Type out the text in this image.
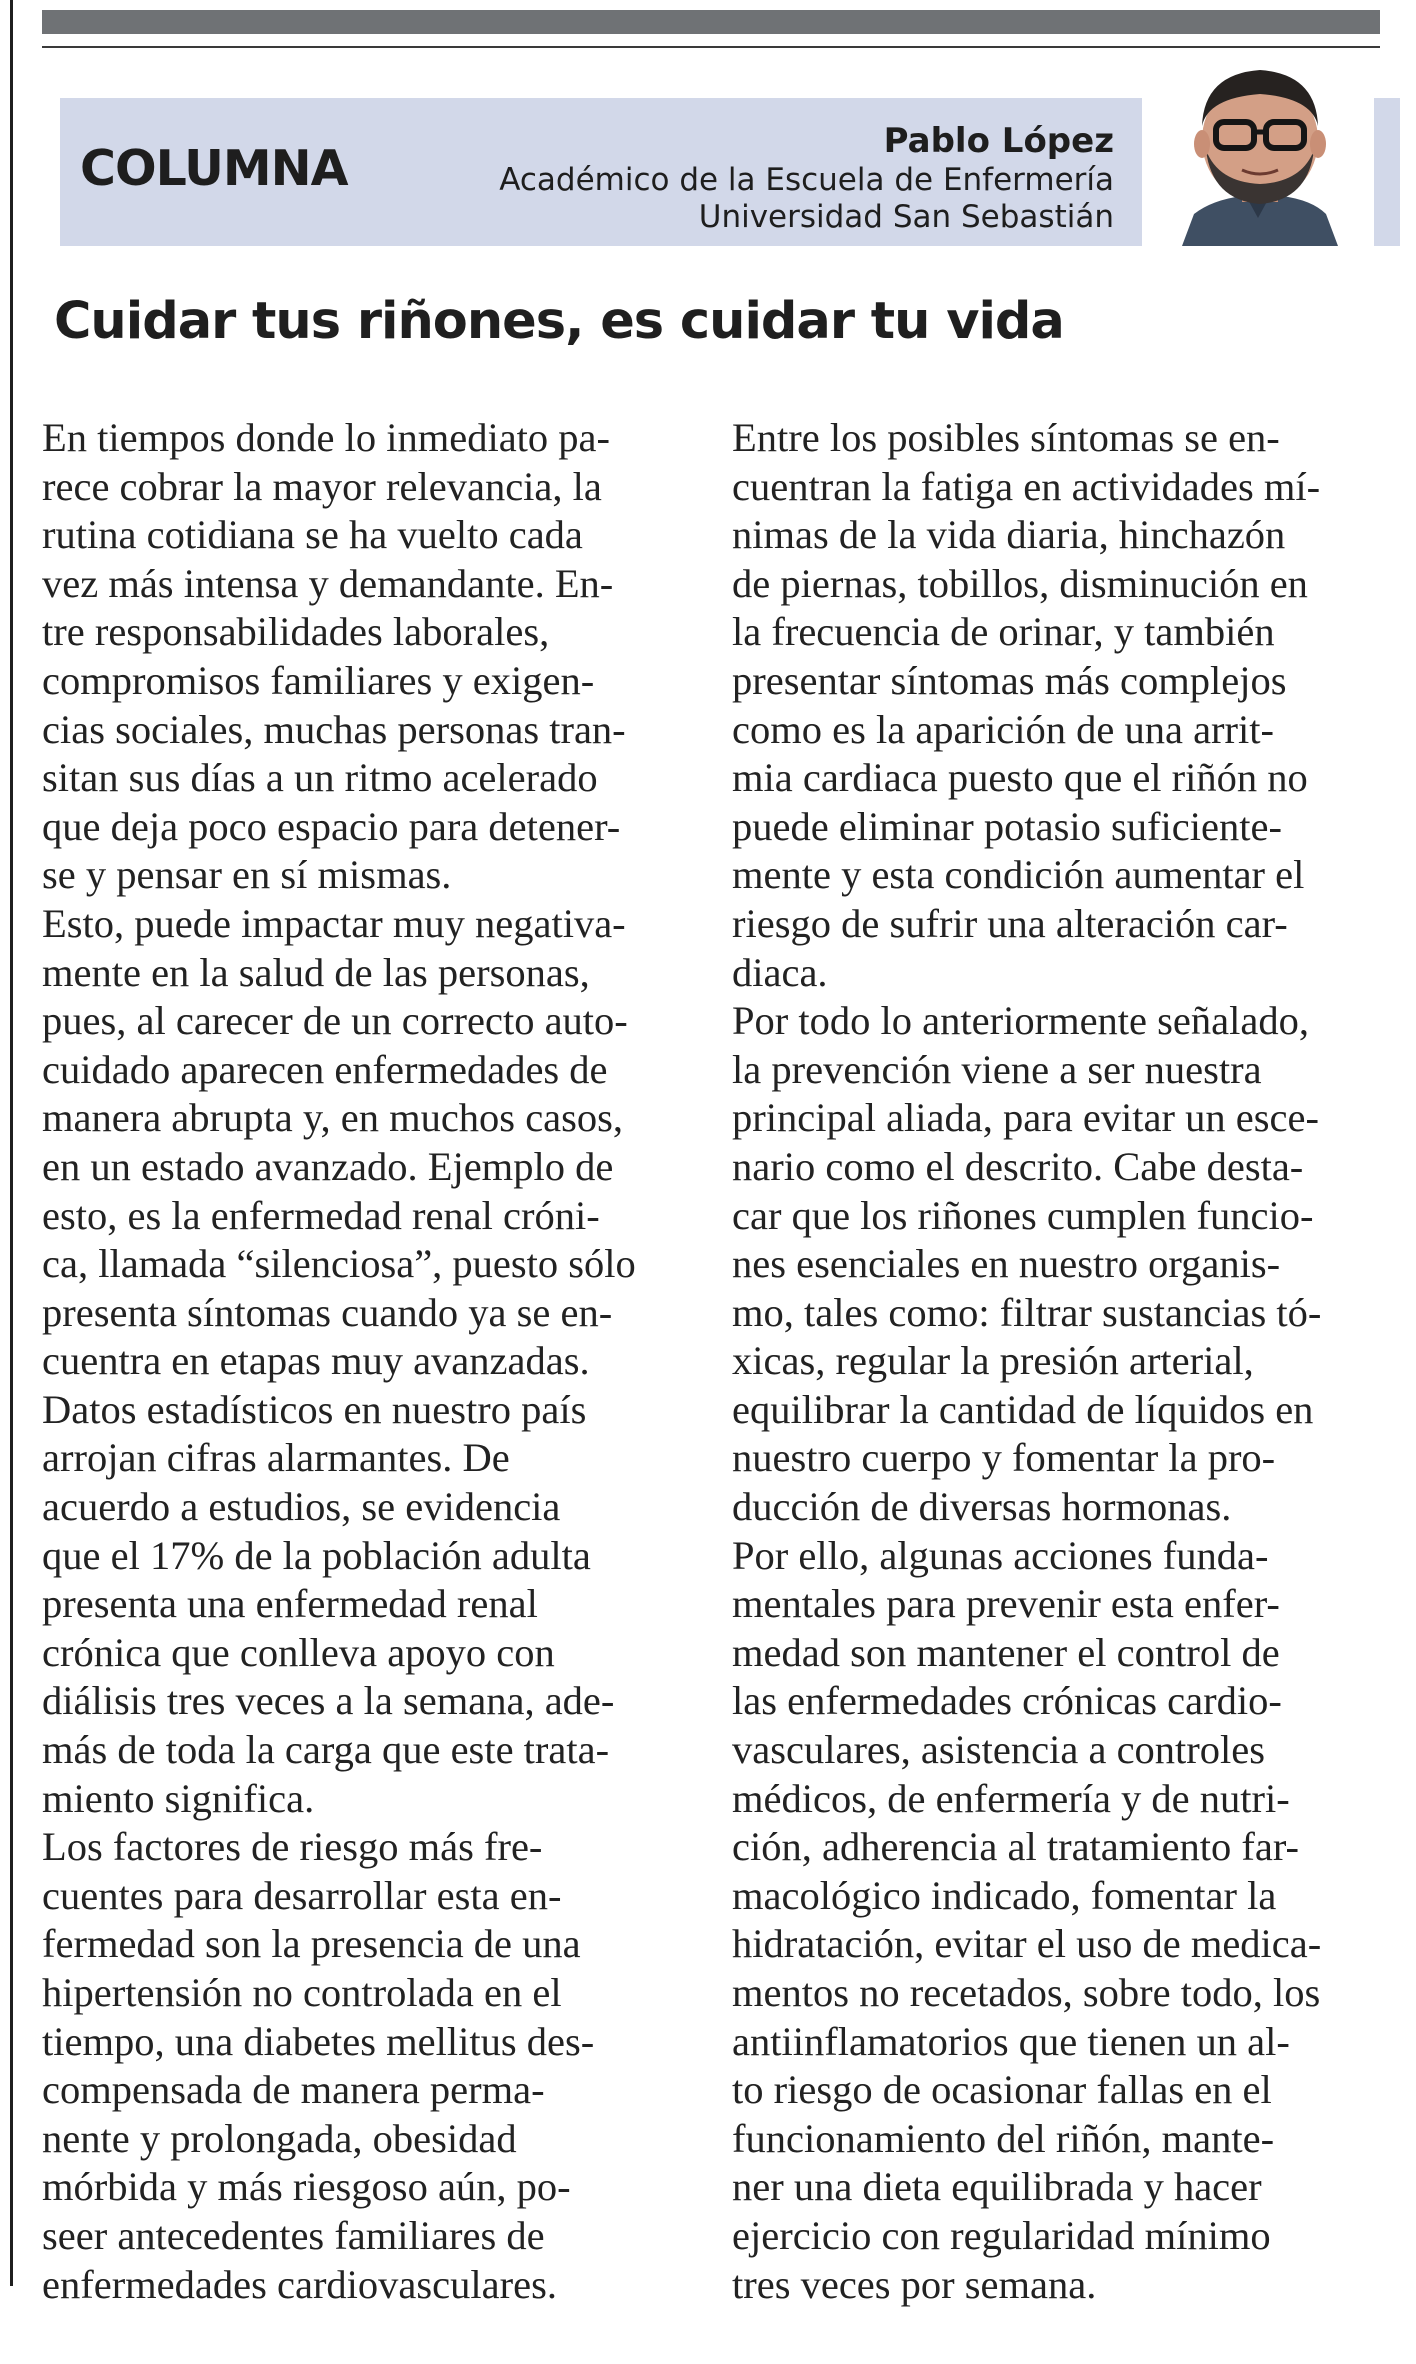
COLUMNA	Pablo López
Académico de la Escuela de Enfermería
Universidad San Sebastián
Cuidar tus riñones, es cuidar tu vida
En tiempos donde lo inmediato pa-
rece cobrar la mayor relevancia, la
rutina cotidiana se ha vuelto cada
vez más intensa y demandante. En-
tre responsabilidades laborales,
compromisos familiares y exigen-
cias sociales, muchas personas tran-
sitan sus días a un ritmo acelerado
que deja poco espacio para detener-
se y pensar en sí mismas.
Esto, puede impactar muy negativa-
mente en la salud de las personas,
pues, al carecer de un correcto auto-
cuidado aparecen enfermedades de
manera abrupta y, en muchos casos,
en un estado avanzado. Ejemplo de
esto, es la enfermedad renal cróni-
ca, llamada “silenciosa”, puesto sólo
presenta síntomas cuando ya se en-
cuentra en etapas muy avanzadas.
Datos estadísticos en nuestro país
arrojan cifras alarmantes. De
acuerdo a estudios, se evidencia
que el 17% de la población adulta
presenta una enfermedad renal
crónica que conlleva apoyo con
diálisis tres veces a la semana, ade-
más de toda la carga que este trata-
miento significa.
Los factores de riesgo más fre-
cuentes para desarrollar esta en-
fermedad son la presencia de una
hipertensión no controlada en el
tiempo, una diabetes mellitus des-
compensada de manera perma-
nente y prolongada, obesidad
mórbida y más riesgoso aún, po-
seer antecedentes familiares de
enfermedades cardiovasculares.
Entre los posibles síntomas se en-
cuentran la fatiga en actividades mí-
nimas de la vida diaria, hinchazón
de piernas, tobillos, disminución en
la frecuencia de orinar, y también
presentar síntomas más complejos
como es la aparición de una arrit-
mia cardiaca puesto que el riñón no
puede eliminar potasio suficiente-
mente y esta condición aumentar el
riesgo de sufrir una alteración car-
diaca.
Por todo lo anteriormente señalado,
la prevención viene a ser nuestra
principal aliada, para evitar un esce-
nario como el descrito. Cabe desta-
car que los riñones cumplen funcio-
nes esenciales en nuestro organis-
mo, tales como: filtrar sustancias tó-
xicas, regular la presión arterial,
equilibrar la cantidad de líquidos en
nuestro cuerpo y fomentar la pro-
ducción de diversas hormonas.
Por ello, algunas acciones funda-
mentales para prevenir esta enfer-
medad son mantener el control de
las enfermedades crónicas cardio-
vasculares, asistencia a controles
médicos, de enfermería y de nutri-
ción, adherencia al tratamiento far-
macológico indicado, fomentar la
hidratación, evitar el uso de medica-
mentos no recetados, sobre todo, los
antiinflamatorios que tienen un al-
to riesgo de ocasionar fallas en el
funcionamiento del riñón, mante-
ner una dieta equilibrada y hacer
ejercicio con regularidad mínimo
tres veces por semana.
